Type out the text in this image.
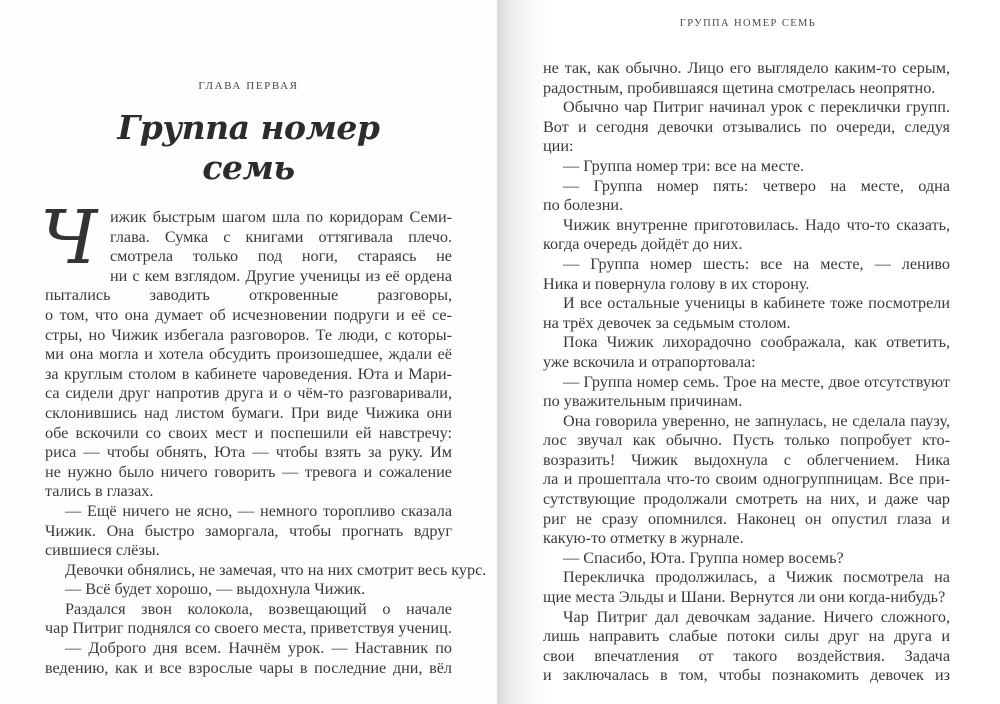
ГЛАВА ПЕРВАЯ
Группа номер
семь
Ч ижик быстрым шагом шла по коридорам Семи-
глава. Сумка с книгами оттягивала плечо.
смотрела только под ноги, стараясь не
ни с кем взглядом. Другие ученицы из её ордена
пытались заводить откровенные разговоры,
о том, что она думает об исчезновении подруги и её се-
стры, но Чижик избегала разговоров. Те люди, с которы-
ми она могла и хотела обсудить произошедшее, ждали её
за круглым столом в кабинете чароведения. Юта и Мари-
са сидели друг напротив друга и о чём-то разговаривали,
склонившись над листом бумаги. При виде Чижика они
обе вскочили со своих мест и поспешили ей навстречу:
риса — чтобы обнять, Юта — чтобы взять за руку. Им
не нужно было ничего говорить — тревога и сожаление
тались в глазах.
— Ещё ничего не ясно, — немного торопливо сказала
Чижик. Она быстро заморгала, чтобы прогнать вдруг
сившиеся слёзы.
Девочки обнялись, не замечая, что на них смотрит весь курс.
— Всё будет хорошо, — выдохнула Чижик.
Раздался звон колокола, возвещающий о начале
чар Питриг поднялся со своего места, приветствуя учениц.
— Доброго дня всем. Начнём урок. — Наставник по
ведению, как и все взрослые чары в последние дни, вёл
ГРУППА НОМЕР СЕМЬ
не так, как обычно. Лицо его выглядело каким-то серым,
радостным, пробившаяся щетина смотрелась неопрятно.
Обычно чар Питриг начинал урок с переклички групп.
Вот и сегодня девочки отзывались по очереди, следуя
ции:
— Группа номер три: все на месте.
— Группа номер пять: четверо на месте, одна
по болезни.
Чижик внутренне приготовилась. Надо что-то сказать,
когда очередь дойдёт до них.
— Группа номер шесть: все на месте, — лениво
Ника и повернула голову в их сторону.
И все остальные ученицы в кабинете тоже посмотрели
на трёх девочек за седьмым столом.
Пока Чижик лихорадочно соображала, как ответить,
уже вскочила и отрапортовала:
— Группа номер семь. Трое на месте, двое отсутствуют
по уважительным причинам.
Она говорила уверенно, не запнулась, не сделала паузу,
лос звучал как обычно. Пусть только попробует кто-
возразить! Чижик выдохнула с облегчением. Ника
ла и прошептала что-то своим одногруппницам. Все при-
сутствующие продолжали смотреть на них, и даже чар
риг не сразу опомнился. Наконец он опустил глаза и
какую-то отметку в журнале.
— Спасибо, Юта. Группа номер восемь?
Перекличка продолжилась, а Чижик посмотрела на
щие места Эльды и Шани. Вернутся ли они когда-нибудь?
Чар Питриг дал девочкам задание. Ничего сложного,
лишь направить слабые потоки силы друг на друга и
свои впечатления от такого воздействия. Задача
и заключалась в том, чтобы познакомить девочек из
